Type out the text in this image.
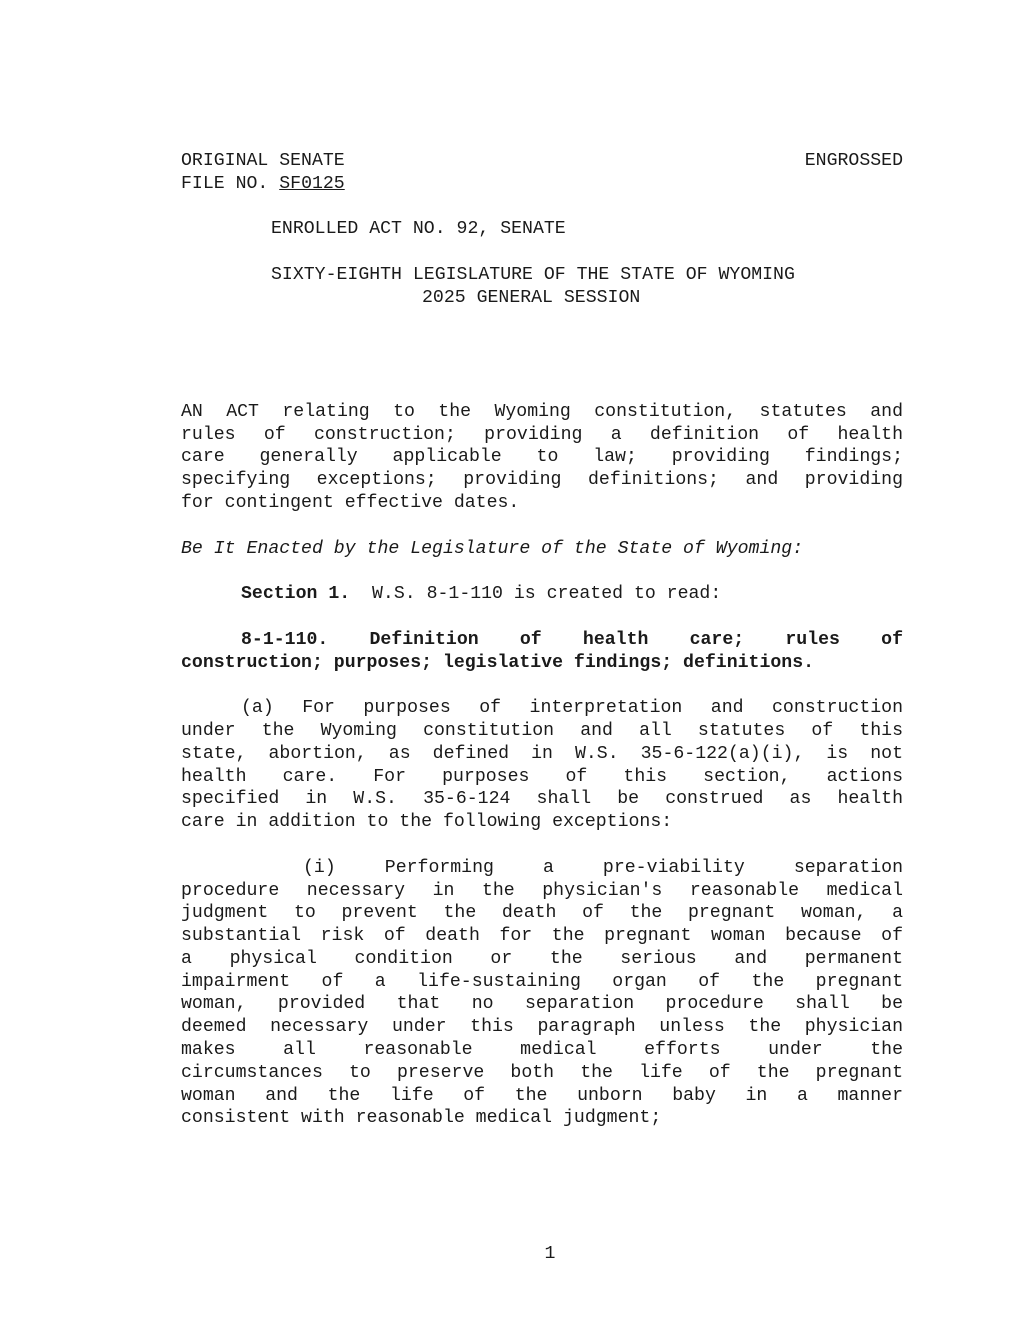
ORIGINAL SENATE	ENGROSSED
FILE NO. SF0125
ENROLLED ACT NO. 92, SENATE
SIXTY-EIGHTH LEGISLATURE OF THE STATE OF WYOMING
2025 GENERAL SESSION
AN ACT relating to the Wyoming constitution, statutes and
rules of construction; providing a definition of health
care generally applicable to law; providing findings;
specifying exceptions; providing definitions; and providing
for contingent effective dates.
Be It Enacted by the Legislature of the State of Wyoming:
Section 1. W.S. 8-1-110 is created to read:
8-1-110. Definition of health care; rules of
construction; purposes; legislative findings; definitions.
(a) For purposes of interpretation and construction
under the Wyoming constitution and all statutes of this
state, abortion, as defined in W.S. 35-6-122(a)(i), is not
health care. For purposes of this section, actions
specified in W.S. 35-6-124 shall be construed as health
care in addition to the following exceptions:
(i) Performing a pre-viability separation
procedure necessary in the physician's reasonable medical
judgment to prevent the death of the pregnant woman, a
substantial risk of death for the pregnant woman because of
a physical condition or the serious and permanent
impairment of a life-sustaining organ of the pregnant
woman, provided that no separation procedure shall be
deemed necessary under this paragraph unless the physician
makes all reasonable medical efforts under the
circumstances to preserve both the life of the pregnant
woman and the life of the unborn baby in a manner
consistent with reasonable medical judgment;
1
